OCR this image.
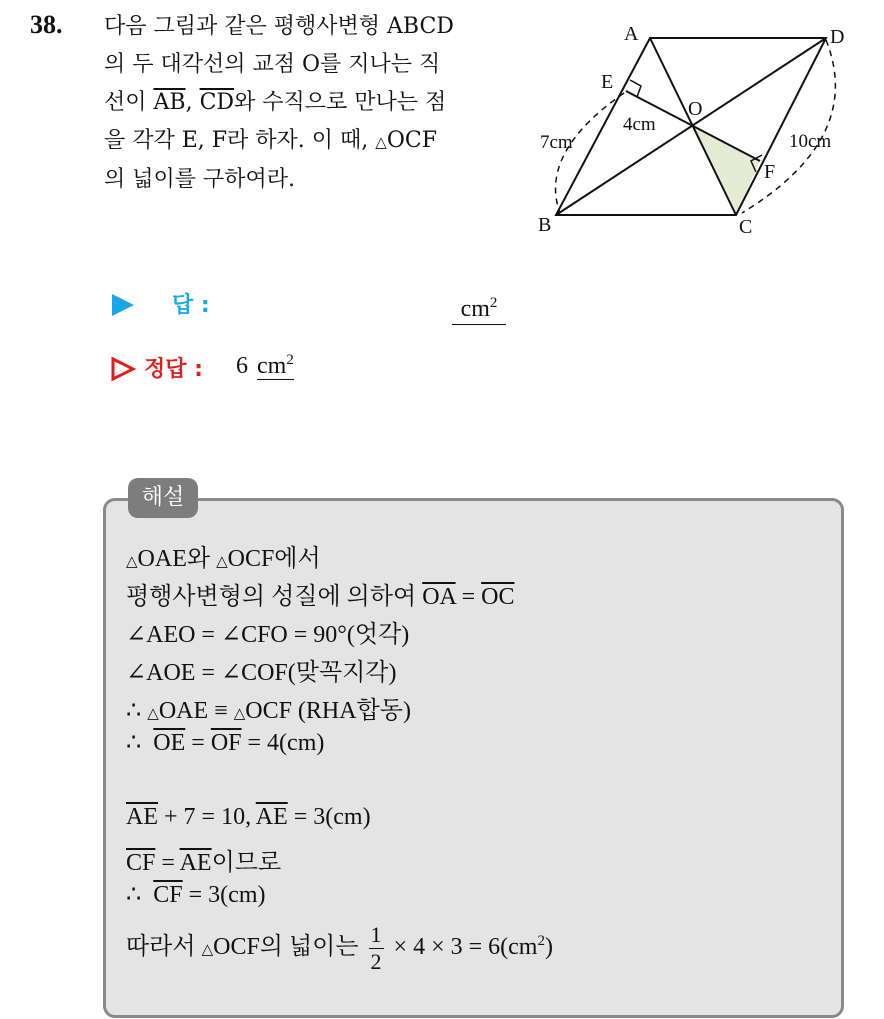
38. 다음 그림과 같은 평행사변형 ABCD
의 두 대각선의 교점 O를 지나는 직
선이 $\overline{AB}$, $\overline{CD}$와 수직으로 만나는 점
을 각각 E, F라 하자. 이 때, △OCF
의 넓이를 구하여라.
A
B	C
D
E
F
O
7cm
4cm
10cm
답 :	$cm^2$
정답 : 6 $cm^2$
해설
△OAE와 △OCF에서
평행사변형의 성질에 의하여 $\overline{OA} = \overline{OC}$
∠AEO = ∠CFO = 90°(엇각)
∠AOE = ∠COF(맞꼭지각)
∴ △OAE ≡ △OCF (RHA합동)
∴  $\overline{OE} = \overline{OF} = 4(cm)$
$\overline{AE} + 7 = 10$, $\overline{AE} = 3(cm)$
$\overline{CF} = \overline{AE}$이므로
∴  $\overline{CF} = 3(cm)$
따라서 △OCF의 넓이는 $\frac{1}{2} \times 4 \times 3 = 6(cm^2)$
